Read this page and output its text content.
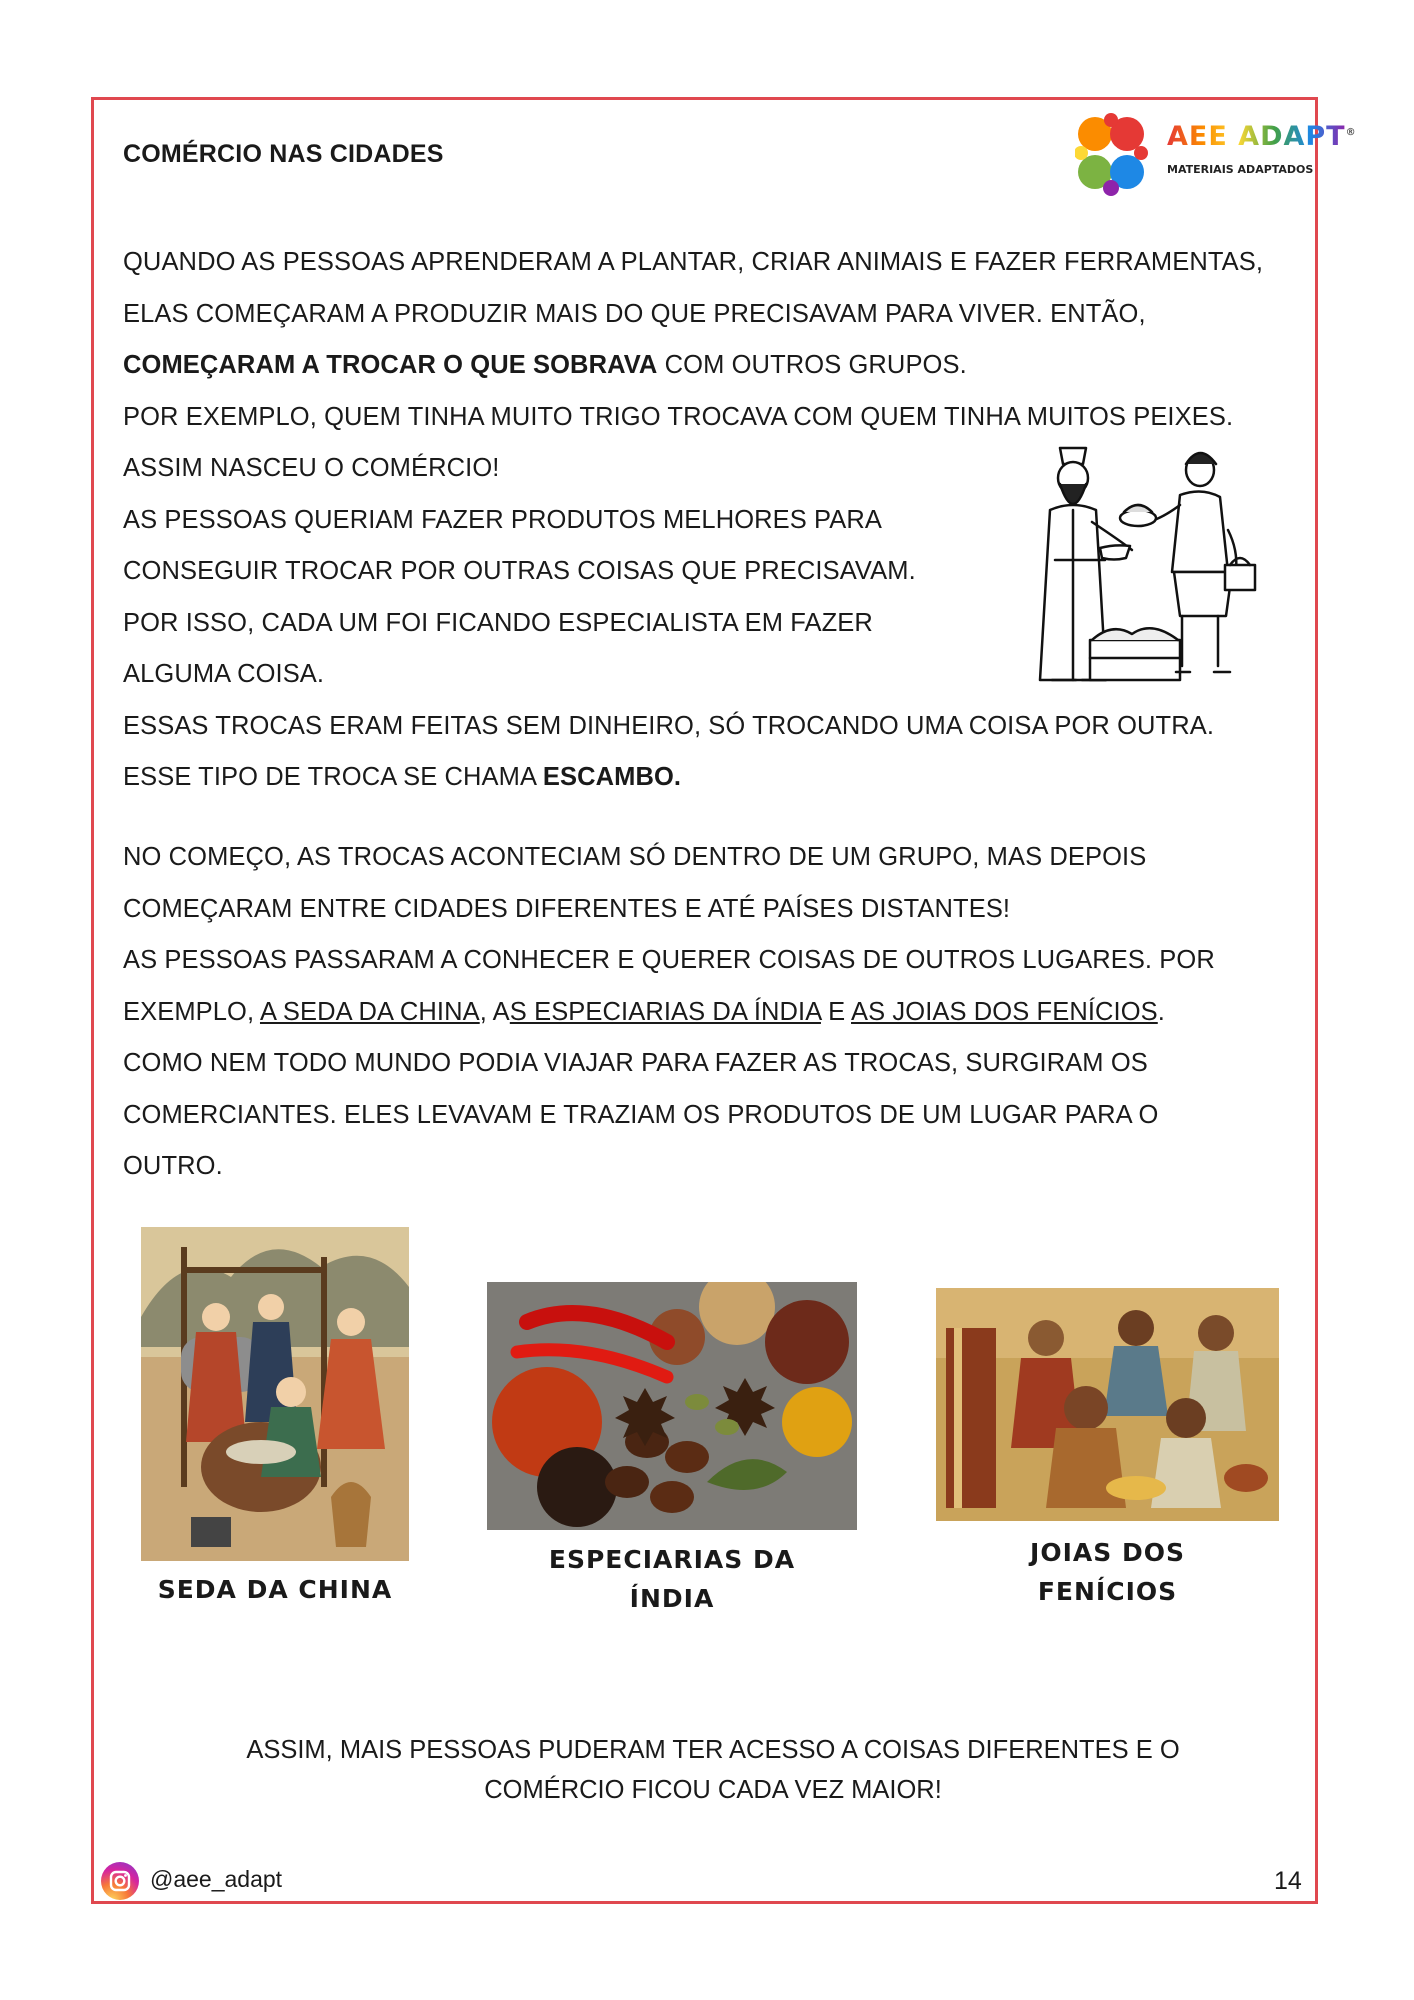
COMÉRCIO NAS CIDADES
AEE ADAPT®
MATERIAIS ADAPTADOS
QUANDO AS PESSOAS APRENDERAM A PLANTAR, CRIAR ANIMAIS E FAZER FERRAMENTAS,
ELAS COMEÇARAM A PRODUZIR MAIS DO QUE PRECISAVAM PARA VIVER. ENTÃO,
COMEÇARAM A TROCAR O QUE SOBRAVA COM OUTROS GRUPOS.
POR EXEMPLO, QUEM TINHA MUITO TRIGO TROCAVA COM QUEM TINHA MUITOS PEIXES.
ASSIM NASCEU O COMÉRCIO!
AS PESSOAS QUERIAM FAZER PRODUTOS MELHORES PARA
CONSEGUIR TROCAR POR OUTRAS COISAS QUE PRECISAVAM.
POR ISSO, CADA UM FOI FICANDO ESPECIALISTA EM FAZER
ALGUMA COISA.
ESSAS TROCAS ERAM FEITAS SEM DINHEIRO, SÓ TROCANDO UMA COISA POR OUTRA.
ESSE TIPO DE TROCA SE CHAMA ESCAMBO.
NO COMEÇO, AS TROCAS ACONTECIAM SÓ DENTRO DE UM GRUPO, MAS DEPOIS
COMEÇARAM ENTRE CIDADES DIFERENTES E ATÉ PAÍSES DISTANTES!
AS PESSOAS PASSARAM A CONHECER E QUERER COISAS DE OUTROS LUGARES. POR
EXEMPLO, A SEDA DA CHINA, AS ESPECIARIAS DA ÍNDIA E AS JOIAS DOS FENÍCIOS.
COMO NEM TODO MUNDO PODIA VIAJAR PARA FAZER AS TROCAS, SURGIRAM OS
COMERCIANTES. ELES LEVAVAM E TRAZIAM OS PRODUTOS DE UM LUGAR PARA O
OUTRO.
SEDA DA CHINA
ESPECIARIAS DA
ÍNDIA
JOIAS DOS
FENÍCIOS
ASSIM, MAIS PESSOAS PUDERAM TER ACESSO A COISAS DIFERENTES E O
COMÉRCIO FICOU CADA VEZ MAIOR!
@aee_adapt	14
